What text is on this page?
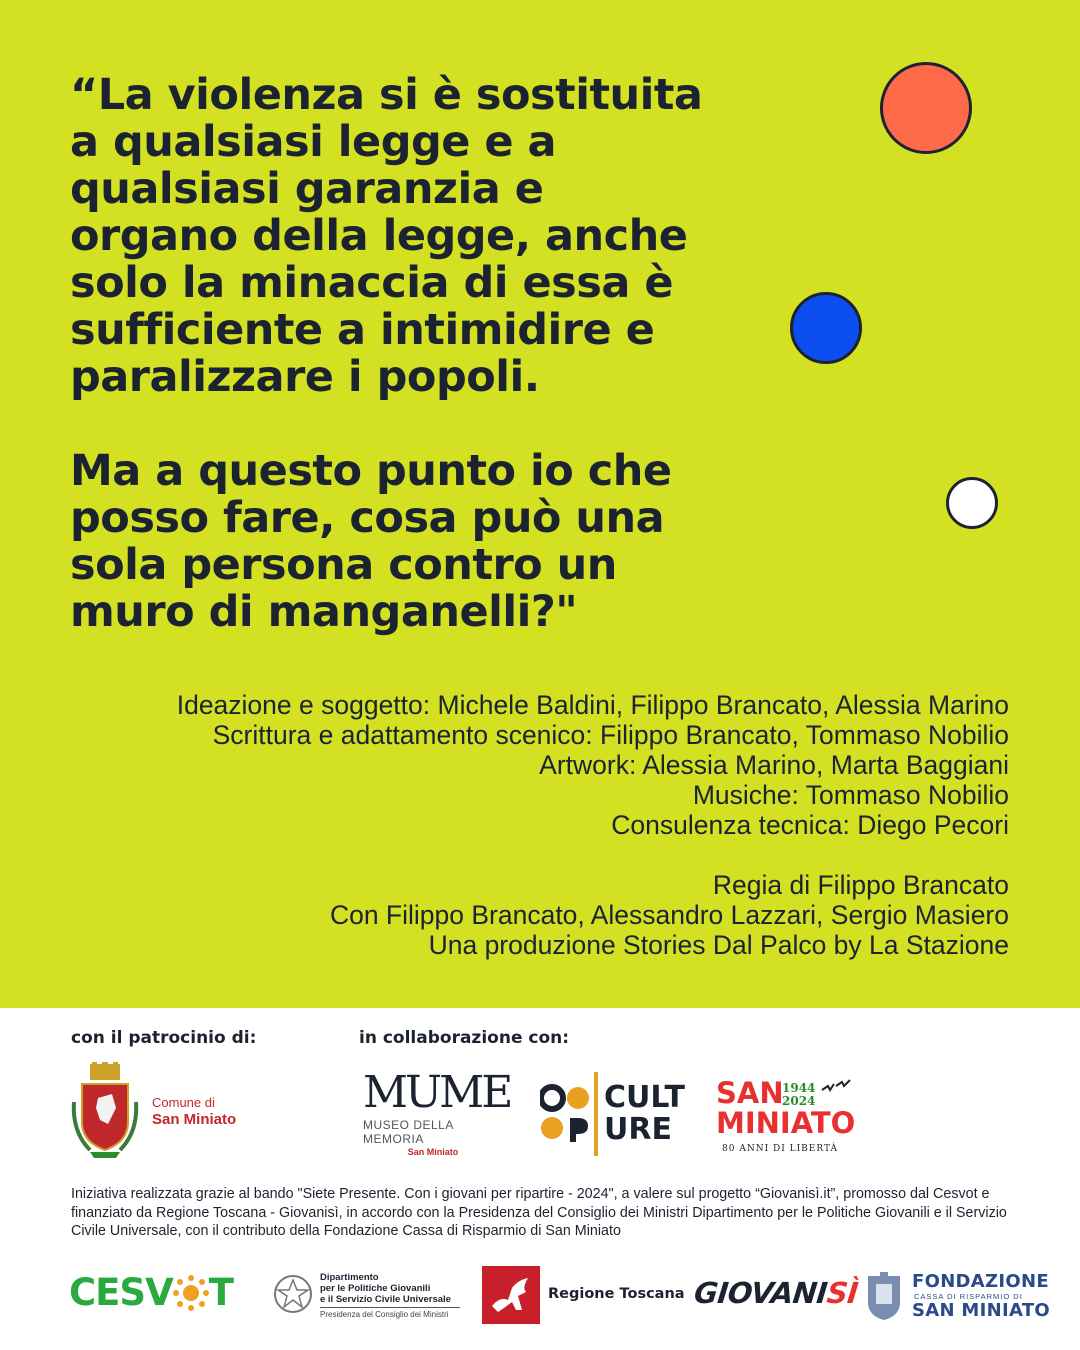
“La violenza si è sostituita

a qualsiasi legge e a

qualsiasi garanzia e

organo della legge, anche

solo la minaccia di essa è

sufficiente a intimidire e

paralizzare i popoli.

Ma a questo punto io che

posso fare, cosa può una

sola persona contro un

muro di manganelli?"

Ideazione e soggetto: Michele Baldini, Filippo Brancato, Alessia Marino

Scrittura e adattamento scenico: Filippo Brancato, Tommaso Nobilio

Artwork: Alessia Marino, Marta Baggiani

Musiche: Tommaso Nobilio

Consulenza tecnica: Diego Pecori

Regia di Filippo Brancato

Con Filippo Brancato, Alessandro Lazzari, Sergio Masiero

Una produzione Stories Dal Palco by La Stazione

con il patrocinio di:	in collaborazione con:
Comune di
San Miniato
MUME
MUSEO DELLA MEMORIA
San Miniato
CULT
URE
SAN
MINIATO
1944
2024
80 ANNI DI LIBERTÀ
Iniziativa realizzata grazie al bando "Siete Presente. Con i giovani per ripartire - 2024", a valere sul progetto “Giovanisì.it”, promosso dal Cesvot e finanziato da Regione Toscana - Giovanisì, in accordo con la Presidenza del Consiglio dei Ministri Dipartimento per le Politiche Giovanili e il Servizio Civile Universale, con il contributo della Fondazione Cassa di Risparmio di San Miniato
CESV T	Dipartimento
per le Politiche Giovanili
e il Servizio Civile Universale
Presidenza del Consiglio dei Ministri
Regione Toscana GIOVANISÌ	FONDAZIONE
CASSA DI RISPARMIO DI
SAN MINIATO
